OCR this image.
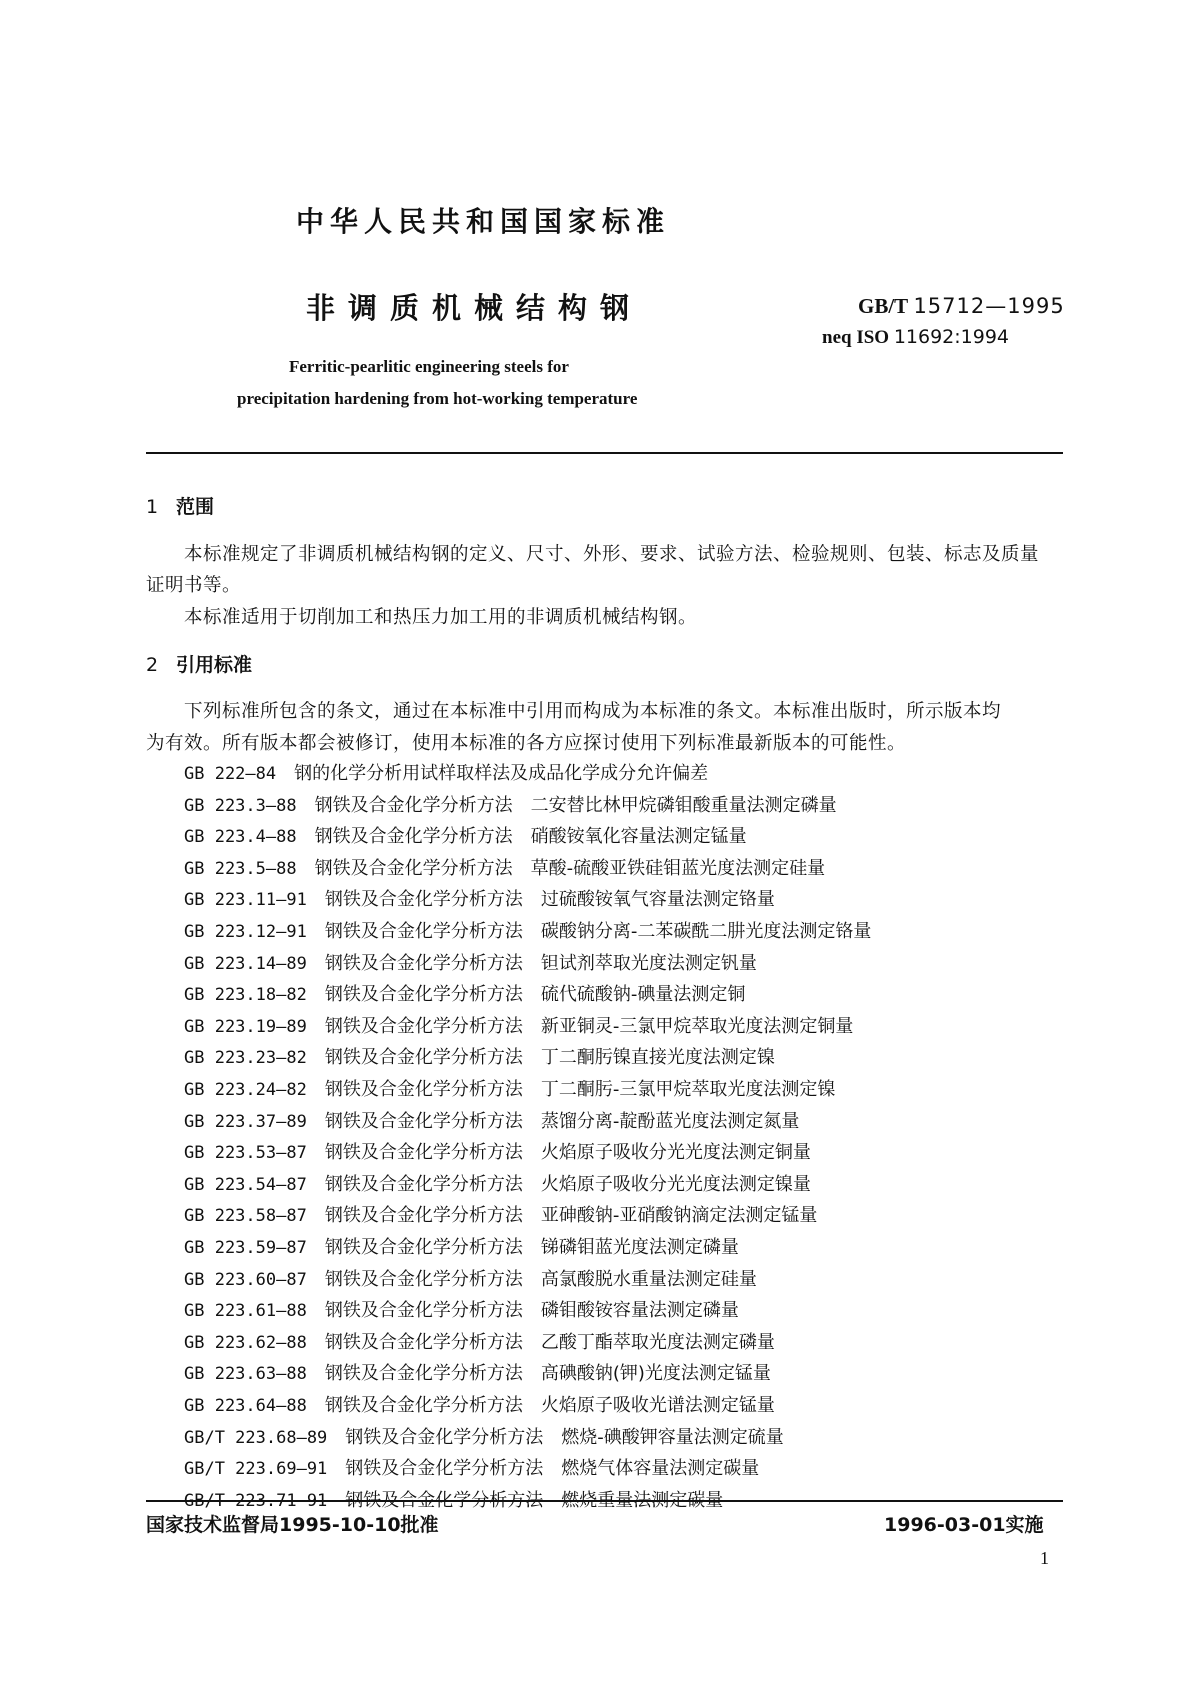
中华人民共和国国家标准
非调质机械结构钢	GB/T 15712—1995
neq ISO 11692:1994
Ferritic-pearlitic engineering steels for
precipitation hardening from hot-working temperature
1 范围
本标准规定了非调质机械结构钢的定义、尺寸、外形、要求、试验方法、检验规则、包装、标志及质量
证明书等。
本标准适用于切削加工和热压力加工用的非调质机械结构钢。
2 引用标准
下列标准所包含的条文，通过在本标准中引用而构成为本标准的条文。本标准出版时，所示版本均
为有效。所有版本都会被修订，使用本标准的各方应探讨使用下列标准最新版本的可能性。
GB 222—84　 钢的化学分析用试样取样法及成品化学成分允许偏差
GB 223.3—88　 钢铁及合金化学分析方法　二安替比林甲烷磷钼酸重量法测定磷量
GB 223.4—88　 钢铁及合金化学分析方法　硝酸铵氧化容量法测定锰量
GB 223.5—88　 钢铁及合金化学分析方法　草酸-硫酸亚铁硅钼蓝光度法测定硅量
GB 223.11—91　 钢铁及合金化学分析方法　过硫酸铵氧气容量法测定铬量
GB 223.12—91　 钢铁及合金化学分析方法　碳酸钠分离-二苯碳酰二肼光度法测定铬量
GB 223.14—89　 钢铁及合金化学分析方法　钽试剂萃取光度法测定钒量
GB 223.18—82　 钢铁及合金化学分析方法　硫代硫酸钠-碘量法测定铜
GB 223.19—89　 钢铁及合金化学分析方法　新亚铜灵-三氯甲烷萃取光度法测定铜量
GB 223.23—82　 钢铁及合金化学分析方法　丁二酮肟镍直接光度法测定镍
GB 223.24—82　 钢铁及合金化学分析方法　丁二酮肟-三氯甲烷萃取光度法测定镍
GB 223.37—89　 钢铁及合金化学分析方法　蒸馏分离-靛酚蓝光度法测定氮量
GB 223.53—87　 钢铁及合金化学分析方法　火焰原子吸收分光光度法测定铜量
GB 223.54—87　 钢铁及合金化学分析方法　火焰原子吸收分光光度法测定镍量
GB 223.58—87　 钢铁及合金化学分析方法　亚砷酸钠-亚硝酸钠滴定法测定锰量
GB 223.59—87　 钢铁及合金化学分析方法　锑磷钼蓝光度法测定磷量
GB 223.60—87　 钢铁及合金化学分析方法　高氯酸脱水重量法测定硅量
GB 223.61—88　 钢铁及合金化学分析方法　磷钼酸铵容量法测定磷量
GB 223.62—88　 钢铁及合金化学分析方法　乙酸丁酯萃取光度法测定磷量
GB 223.63—88　 钢铁及合金化学分析方法　高碘酸钠(钾)光度法测定锰量
GB 223.64—88　 钢铁及合金化学分析方法　火焰原子吸收光谱法测定锰量
GB/T 223.68—89　 钢铁及合金化学分析方法　燃烧-碘酸钾容量法测定硫量
GB/T 223.69—91　 钢铁及合金化学分析方法　燃烧气体容量法测定碳量
GB/T 223.71—91　 钢铁及合金化学分析方法　燃烧重量法测定碳量
国家技术监督局1995-10-10批准	1996-03-01实施
1
